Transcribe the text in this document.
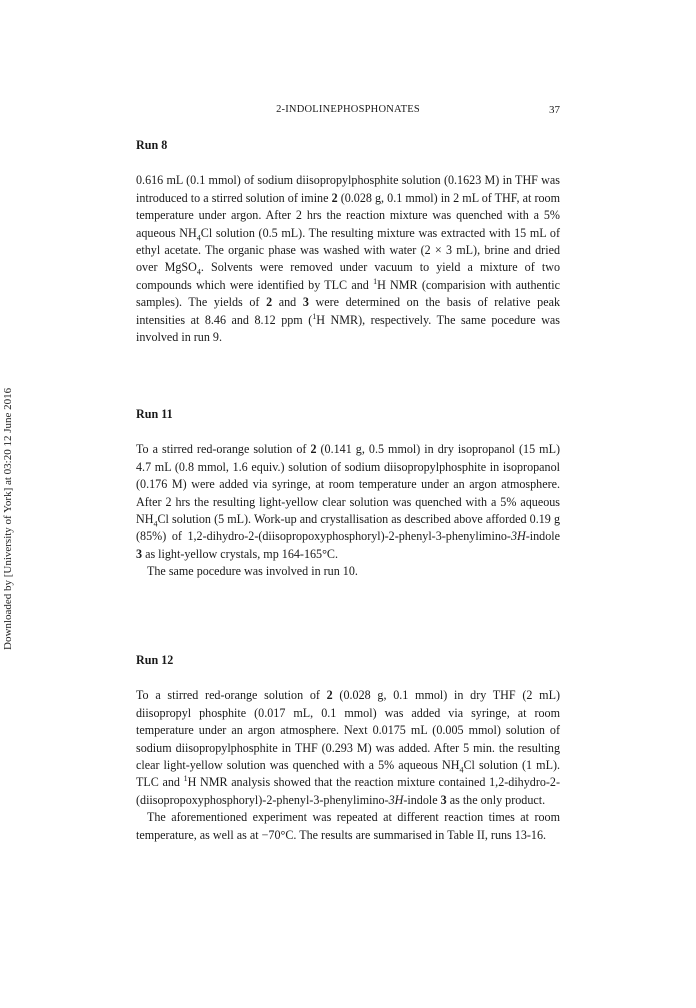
2-INDOLINEPHOSPHONATES	37
Downloaded by [University of York] at 03:20 12 June 2016
Run 8

0.616 mL (0.1 mmol) of sodium diisopropylphosphite solution (0.1623 M) in THF was introduced to a stirred solution of imine 2 (0.028 g, 0.1 mmol) in 2 mL of THF, at room temperature under argon. After 2 hrs the reaction mixture was quenched with a 5% aqueous $NH_4Cl$ solution (0.5 mL). The resulting mixture was extracted with 15 mL of ethyl acetate. The organic phase was washed with water (2 × 3 mL), brine and dried over MgSO$_4$. Solvents were removed under vacuum to yield a mixture of two compounds which were identified by TLC and $^1$H NMR (comparision with authentic samples). The yields of 2 and 3 were determined on the basis of relative peak intensities at 8.46 and 8.12 ppm ($^1$H NMR), respectively. The same pocedure was involved in run 9.

Run 11

To a stirred red-orange solution of 2 (0.141 g, 0.5 mmol) in dry isopropanol (15 mL) 4.7 mL (0.8 mmol, 1.6 equiv.) solution of sodium diisopropylphosphite in isopropanol (0.176 M) were added via syringe, at room temperature under an argon atmosphere. After 2 hrs the resulting light-yellow clear solution was quenched with a 5% aqueous $NH_4Cl$ solution (5 mL). Work-up and crystallisation as described above afforded 0.19 g (85%) of 1,2-dihydro-2-(diisopropoxyphosphoryl)-2-phenyl-3-phenylimino-3H-indole 3 as light-yellow crystals, mp 164-165°C.

The same pocedure was involved in run 10.

Run 12

To a stirred red-orange solution of 2 (0.028 g, 0.1 mmol) in dry THF (2 mL) diisopropyl phosphite (0.017 mL, 0.1 mmol) was added via syringe, at room temperature under an argon atmosphere. Next 0.0175 mL (0.005 mmol) solution of sodium diisopropylphosphite in THF (0.293 M) was added. After 5 min. the resulting clear light-yellow solution was quenched with a 5% aqueous $NH_4Cl$ solution (1 mL). TLC and $^1$H NMR analysis showed that the reaction mixture contained 1,2-dihydro-2-(diisopropoxyphosphoryl)-2-phenyl-3-phenylimino-3H-indole 3 as the only product.

The aforementioned experiment was repeated at different reaction times at room temperature, as well as at −70°C. The results are summarised in Table II, runs 13-16.
